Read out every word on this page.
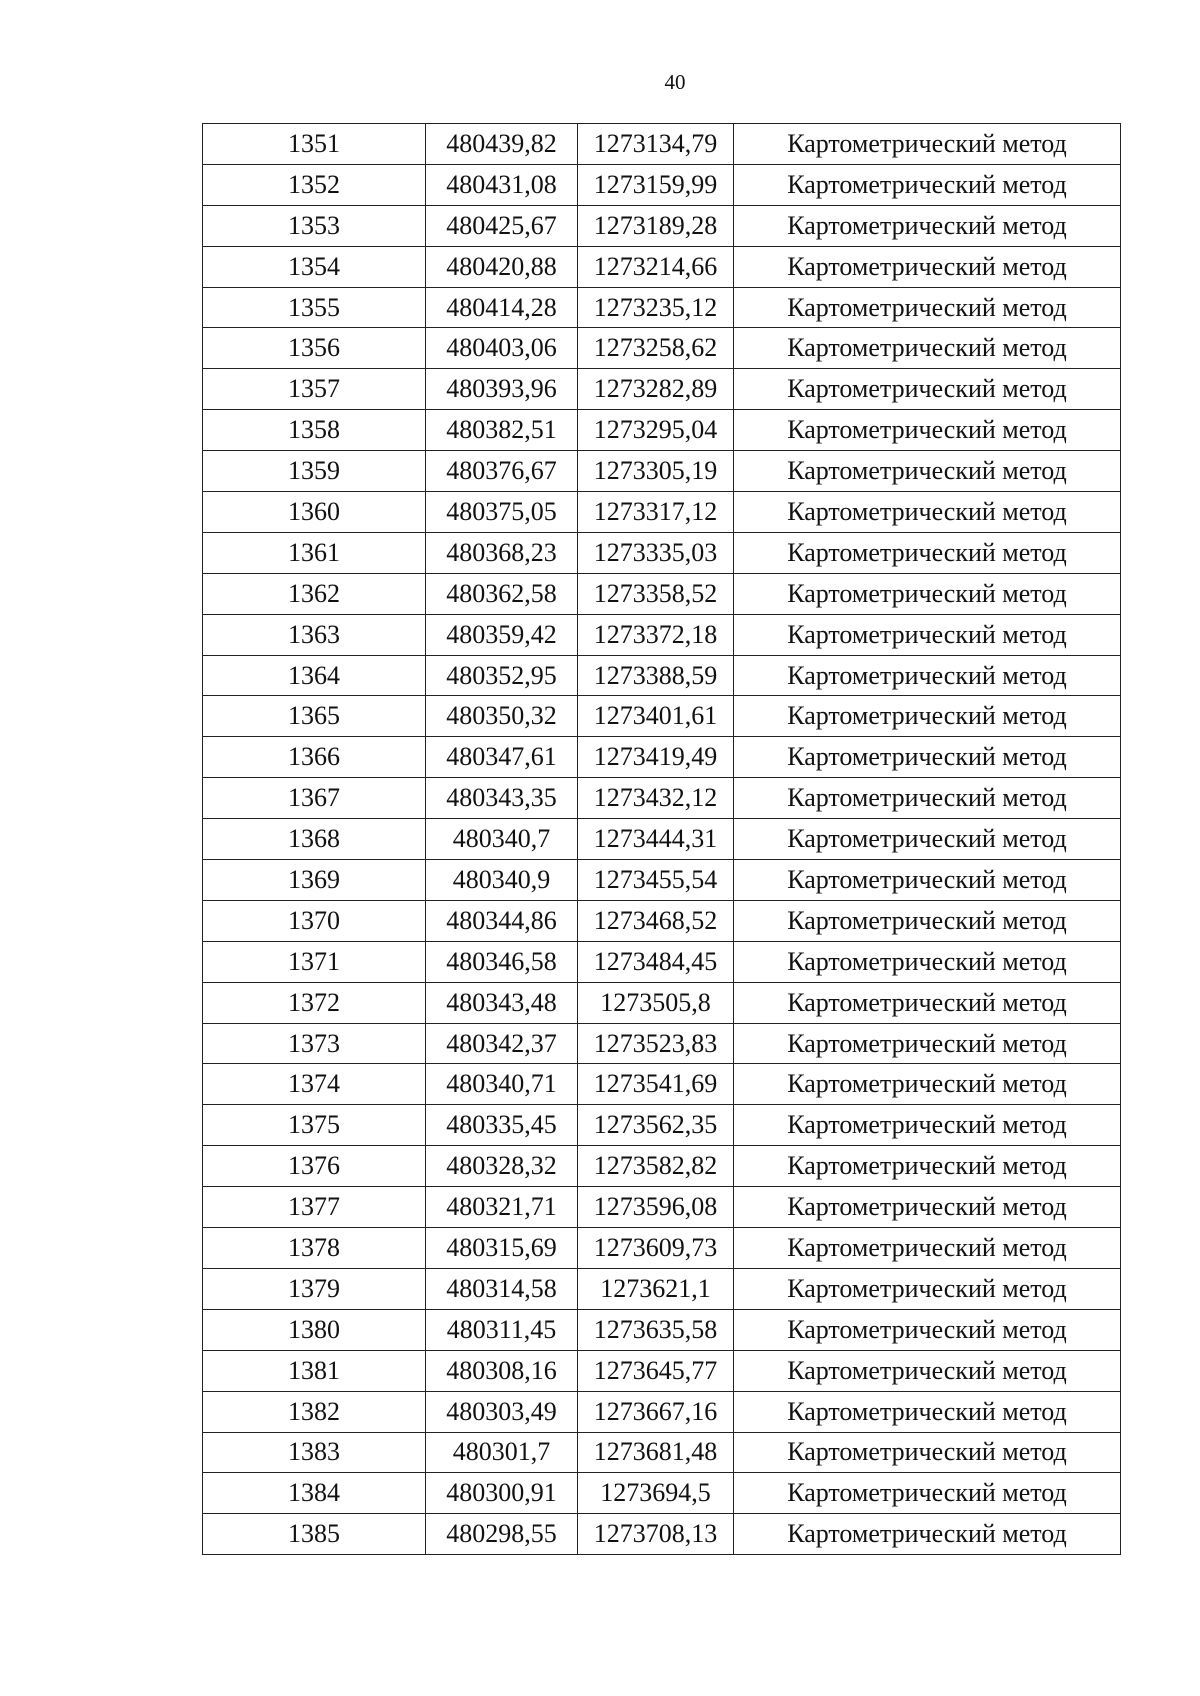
40
1351	480439,82	1273134,79	Картометрический метод
1352	480431,08	1273159,99	Картометрический метод
1353	480425,67	1273189,28	Картометрический метод
1354	480420,88	1273214,66	Картометрический метод
1355	480414,28	1273235,12	Картометрический метод
1356	480403,06	1273258,62	Картометрический метод
1357	480393,96	1273282,89	Картометрический метод
1358	480382,51	1273295,04	Картометрический метод
1359	480376,67	1273305,19	Картометрический метод
1360	480375,05	1273317,12	Картометрический метод
1361	480368,23	1273335,03	Картометрический метод
1362	480362,58	1273358,52	Картометрический метод
1363	480359,42	1273372,18	Картометрический метод
1364	480352,95	1273388,59	Картометрический метод
1365	480350,32	1273401,61	Картометрический метод
1366	480347,61	1273419,49	Картометрический метод
1367	480343,35	1273432,12	Картометрический метод
1368	480340,7	1273444,31	Картометрический метод
1369	480340,9	1273455,54	Картометрический метод
1370	480344,86	1273468,52	Картометрический метод
1371	480346,58	1273484,45	Картометрический метод
1372	480343,48	1273505,8	Картометрический метод
1373	480342,37	1273523,83	Картометрический метод
1374	480340,71	1273541,69	Картометрический метод
1375	480335,45	1273562,35	Картометрический метод
1376	480328,32	1273582,82	Картометрический метод
1377	480321,71	1273596,08	Картометрический метод
1378	480315,69	1273609,73	Картометрический метод
1379	480314,58	1273621,1	Картометрический метод
1380	480311,45	1273635,58	Картометрический метод
1381	480308,16	1273645,77	Картометрический метод
1382	480303,49	1273667,16	Картометрический метод
1383	480301,7	1273681,48	Картометрический метод
1384	480300,91	1273694,5	Картометрический метод
1385	480298,55	1273708,13	Картометрический метод
